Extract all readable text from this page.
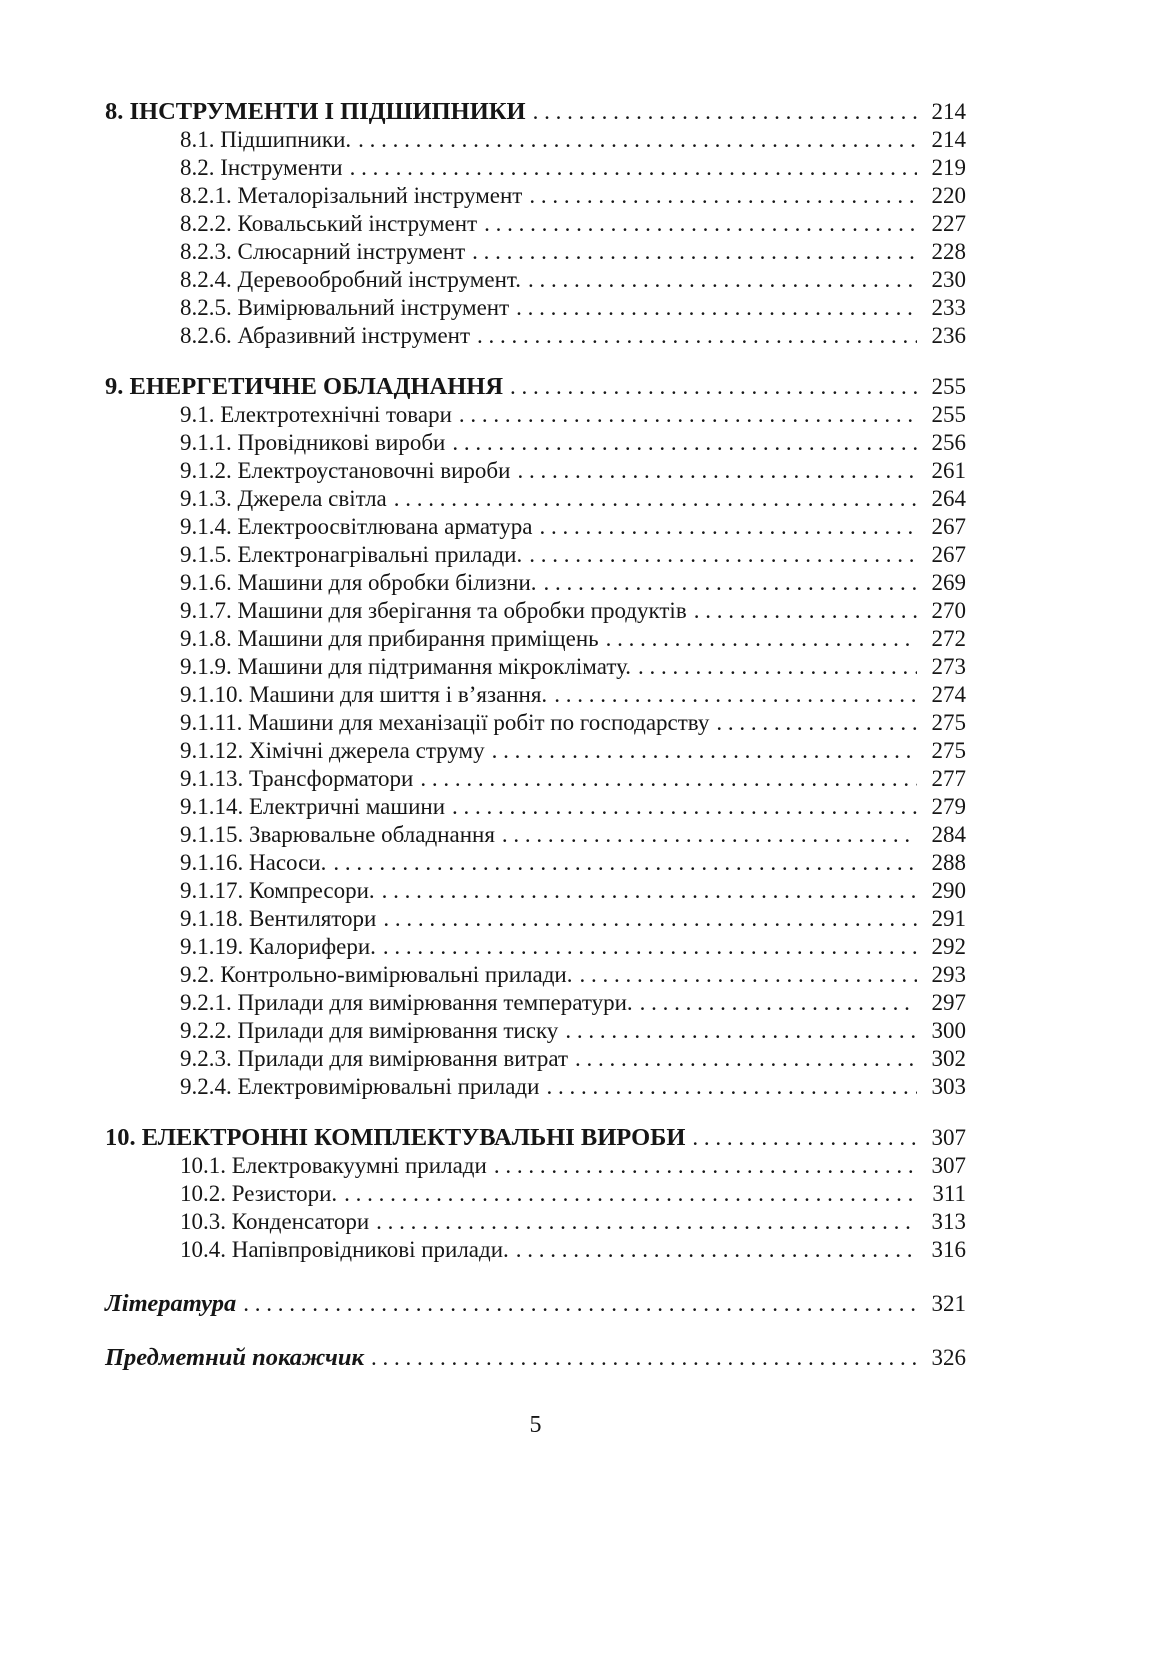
8. ІНСТРУМЕНТИ І ПІДШИПНИКИ . . .	214
8.1. Підшипники. . . .	214
8.2. Інструменти . . .	219
8.2.1. Металорізальний інструмент . . .	220
8.2.2. Ковальський інструмент . . .	227
8.2.3. Слюсарний інструмент . . .	228
8.2.4. Деревообробний інструмент. . . .	230
8.2.5. Вимірювальний інструмент . . .	233
8.2.6. Абразивний інструмент . . .	236
9. ЕНЕРГЕТИЧНЕ ОБЛАДНАННЯ . . .	255
9.1. Електротехнічні товари . . .	255
9.1.1. Провідникові вироби . . .	256
9.1.2. Електроустановочні вироби . . .	261
9.1.3. Джерела світла . . .	264
9.1.4. Електроосвітлювана арматура . . .	267
9.1.5. Електронагрівальні прилади. . . .	267
9.1.6. Машини для обробки білизни. . . .	269
9.1.7. Машини для зберігання та обробки продуктів . . .	270
9.1.8. Машини для прибирання приміщень . . .	272
9.1.9. Машини для підтримання мікроклімату. . . .	273
9.1.10. Машини для шиття і в’язання. . . .	274
9.1.11. Машини для механізації робіт по господарству . . .	275
9.1.12. Хімічні джерела струму . . .	275
9.1.13. Трансформатори . . .	277
9.1.14. Електричні машини . . .	279
9.1.15. Зварювальне обладнання . . .	284
9.1.16. Насоси. . . .	288
9.1.17. Компресори. . . .	290
9.1.18. Вентилятори . . .	291
9.1.19. Калорифери. . . .	292
9.2. Контрольно-вимірювальні прилади. . . .	293
9.2.1. Прилади для вимірювання температури. . . .	297
9.2.2. Прилади для вимірювання тиску . . .	300
9.2.3. Прилади для вимірювання витрат . . .	302
9.2.4. Електровимірювальні прилади . . .	303
10. ЕЛЕКТРОННІ КОМПЛЕКТУВАЛЬНІ ВИРОБИ . . .	307
10.1. Електровакуумні прилади . . .	307
10.2. Резистори. . . .	311
10.3. Конденсатори . . .	313
10.4. Напівпровідникові прилади. . . .	316
Література . . .	321
Предметний покажчик . . .	326
5
